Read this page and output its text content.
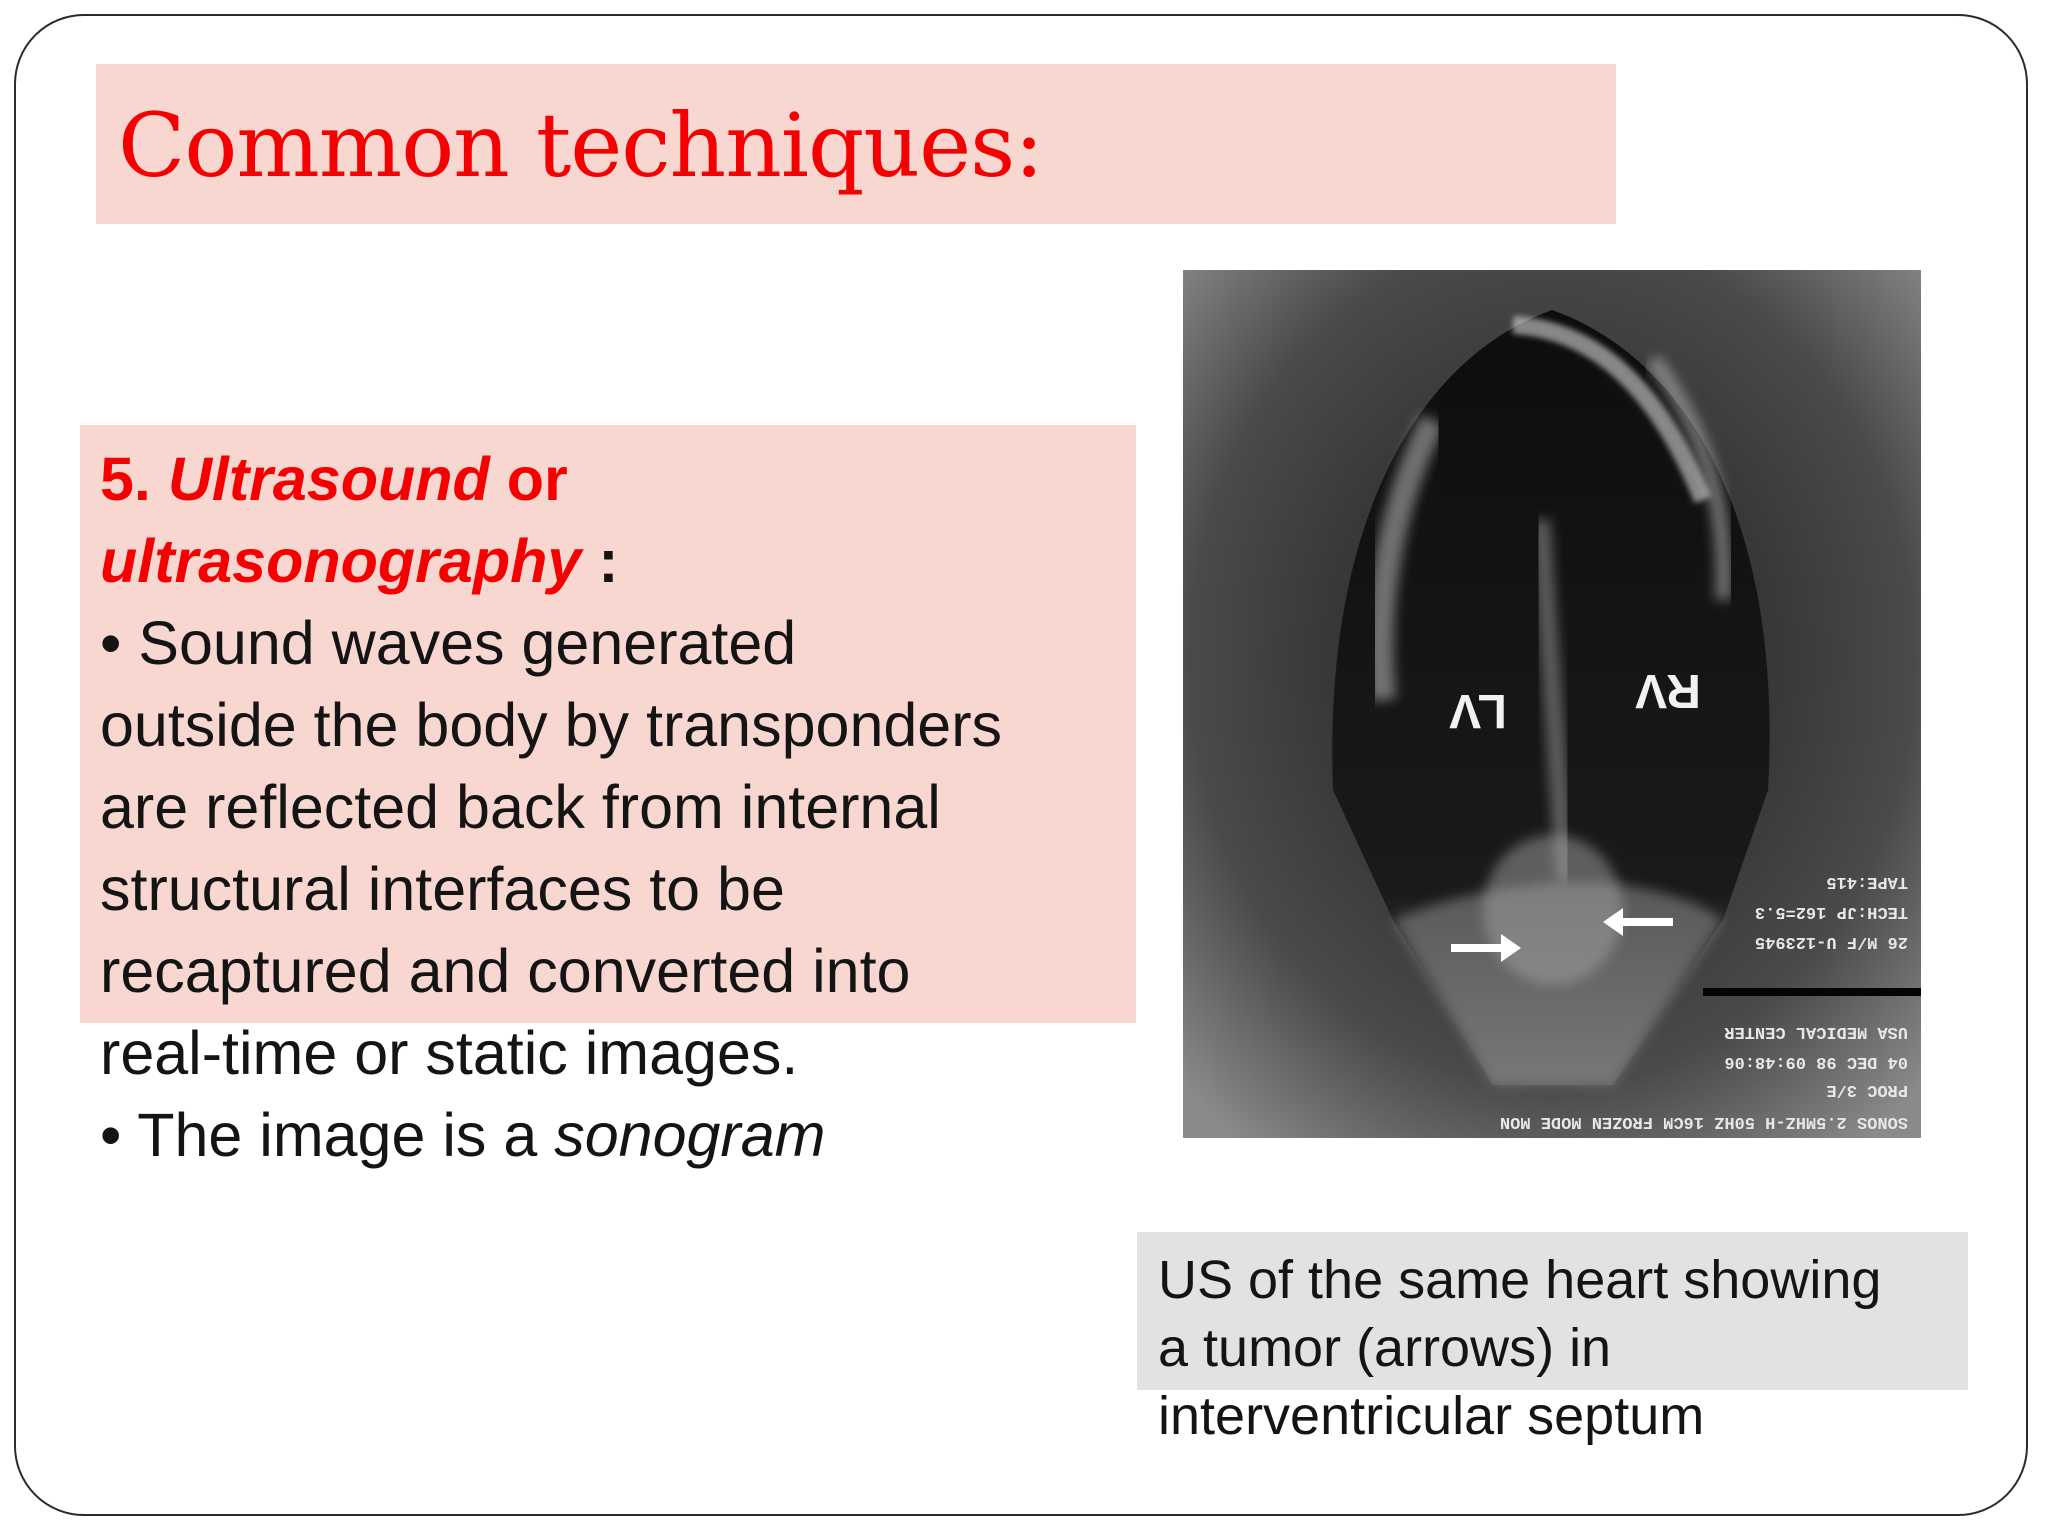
Common techniques:
5. Ultrasound or
ultrasonography :
• Sound waves generated
outside the body by transponders
are reflected back from internal
structural interfaces to be
recaptured and converted into
real-time or static images.
• The image is a sonogram
LV	RV
TAPE:415
TECH:JP 162=5.3
26 M/F U-123945
USA MEDICAL CENTER
04 DEC 98 09:48:06
PROC 3/E
SONOS 2.5MHZ-H 50HZ 16CM FROZEN MODE MON
US of the same heart showing
a tumor (arrows) in
interventricular septum
